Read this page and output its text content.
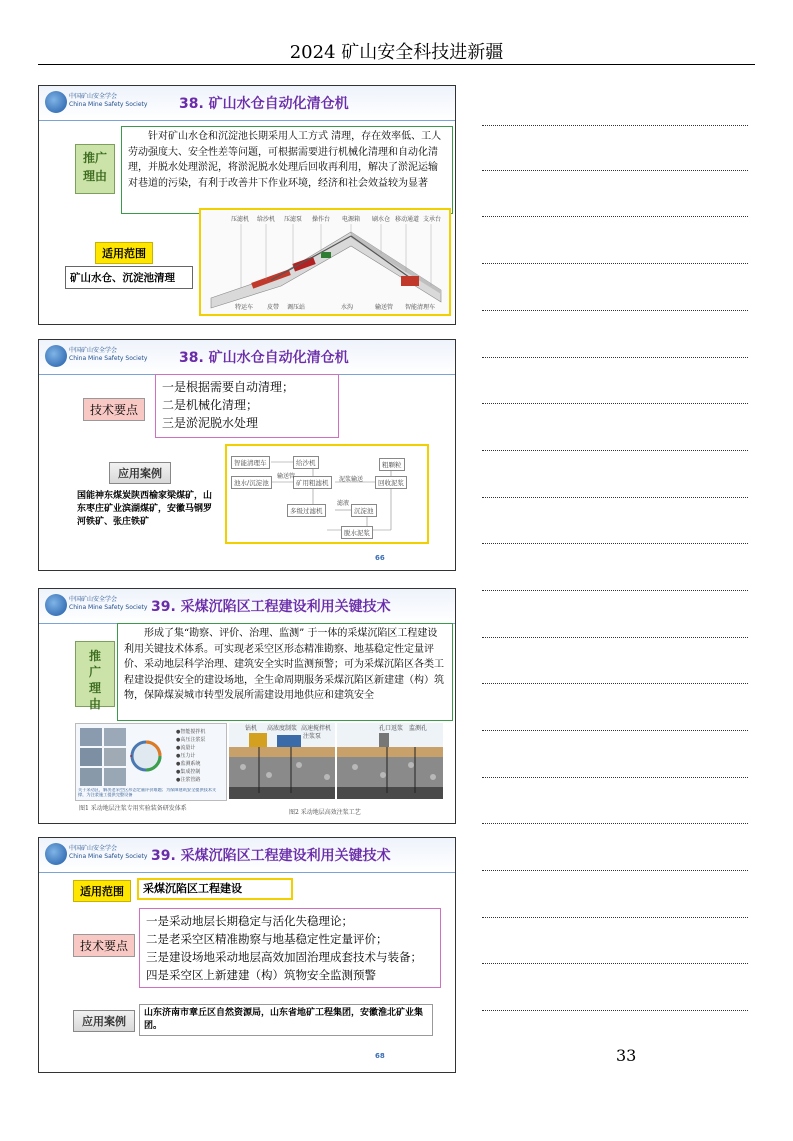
2024 矿山安全科技进新疆
中国矿山安全学会
China Mine Safety Society 38. 矿山水仓自动化清仓机
推广理由
针对矿山水仓和沉淀池长期采用人工方式 清理，存在效率低、工人劳动强度大、安全性差等问题，可根据需要进行机械化清理和自动化清理，并脱水处理淤泥，将淤泥脱水处理后回收再利用，解决了淤泥运输对巷道的污染，有利于改善井下作业环境，经济和社会效益较为显著
适用范围
矿山水仓、沉淀池清理
压滤机 给沙机 压滤泵 操作台 电源箱 刷水仓 移动通道 支承台
特运车 皮带 调压站	水沟	输送管 智能清理车
中国矿山安全学会
China Mine Safety Society 38. 矿山水仓自动化清仓机
技术要点
一是根据需要自动清理；
二是机械化清理；
三是淤泥脱水处理
应用案例
国能神东煤炭陕西榆家梁煤矿，山东枣庄矿业滨湖煤矿，安徽马钢罗河铁矿、张庄铁矿
智能清理车	给沙机
矿用粗滤机
输送管
池水/沉淀池
多级过滤机	沉淀池
脱水泥浆
粗颗粒
回收泥浆
滤液
泥浆输送
66
中国矿山安全学会
China Mine Safety Society 39. 采煤沉陷区工程建设利用关键技术
推广理由
形成了集“勘察、评价、治理、监测” 于一体的采煤沉陷区工程建设利用关键技术体系。可实现老采空区形态精准勘察、地基稳定性定量评价、采动地层科学治理、建筑安全实时监测预警；可为采煤沉陷区各类工程建设提供安全的建设场地，全生命周期服务采煤沉陷区新建建（构）筑物，保障煤炭城市转型发展所需建设用地供应和建筑安全
●智能搅拌机
●高压注浆泵
●流量计
●压力计
●监测系统
●集成控制
●注浆管路
关于采动区，解决老采空区形态定量评价难题；为保障建筑安全提供技术支撑，为注浆施工提供完整设备
图1 采动地层注浆专用实验装备研发体系
钻机 高浓度制浆 高速搅拌机
注浆泵
孔口返浆 监测孔
图2 采动地层高效注浆工艺
中国矿山安全学会
China Mine Safety Society 39. 采煤沉陷区工程建设利用关键技术
适用范围	采煤沉陷区工程建设
技术要点
一是采动地层长期稳定与活化失稳理论；
二是老采空区精准勘察与地基稳定性定量评价；
三是建设场地采动地层高效加固治理成套技术与装备；
四是采空区上新建建（构）筑物安全监测预警
应用案例
山东济南市章丘区自然资源局，山东省地矿工程集团，安徽淮北矿业集团。
68	33
